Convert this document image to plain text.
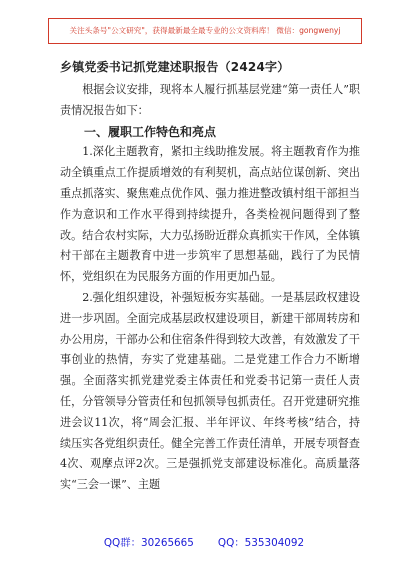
关注头条号"公文研究"，获得最新最全最专业的公文资料库！ 微信：gongwenyj
乡镇党委书记抓党建述职报告（2424字）

根据会议安排，现将本人履行抓基层党建“第一责任人”职责情况报告如下：

一、履职工作特色和亮点

1.深化主题教育，紧扣主线助推发展。将主题教育作为推动全镇重点工作提质增效的有利契机，高点站位谋创新、突出重点抓落实、聚焦难点优作风、强力推进整改镇村组干部担当作为意识和工作水平得到持续提升，各类检视问题得到了整改。结合农村实际，大力弘扬盼近群众真抓实干作风，全体镇村干部在主题教育中进一步筑牢了思想基础，践行了为民情怀，党组织在为民服务方面的作用更加凸显。

2.强化组织建设，补强短板夯实基础。一是基层政权建设进一步巩固。全面完成基层政权建设项目，新建干部周转房和办公用房，干部办公和住宿条件得到较大改善，有效激发了干事创业的热情，夯实了党建基础。二是党建工作合力不断增强。全面落实抓党建党委主体责任和党委书记第一责任人责任，分管领导分管责任和包抓领导包抓责任。召开党建研究推进会议11次，将“周会汇报、半年评议、年终考核”结合，持续压实各党组织责任。健全完善工作责任清单，开展专项督查4次、观摩点评2次。三是强抓党支部建设标准化。高质量落实“三会一课”、主题

QQ群：30265665 QQ：535304092
